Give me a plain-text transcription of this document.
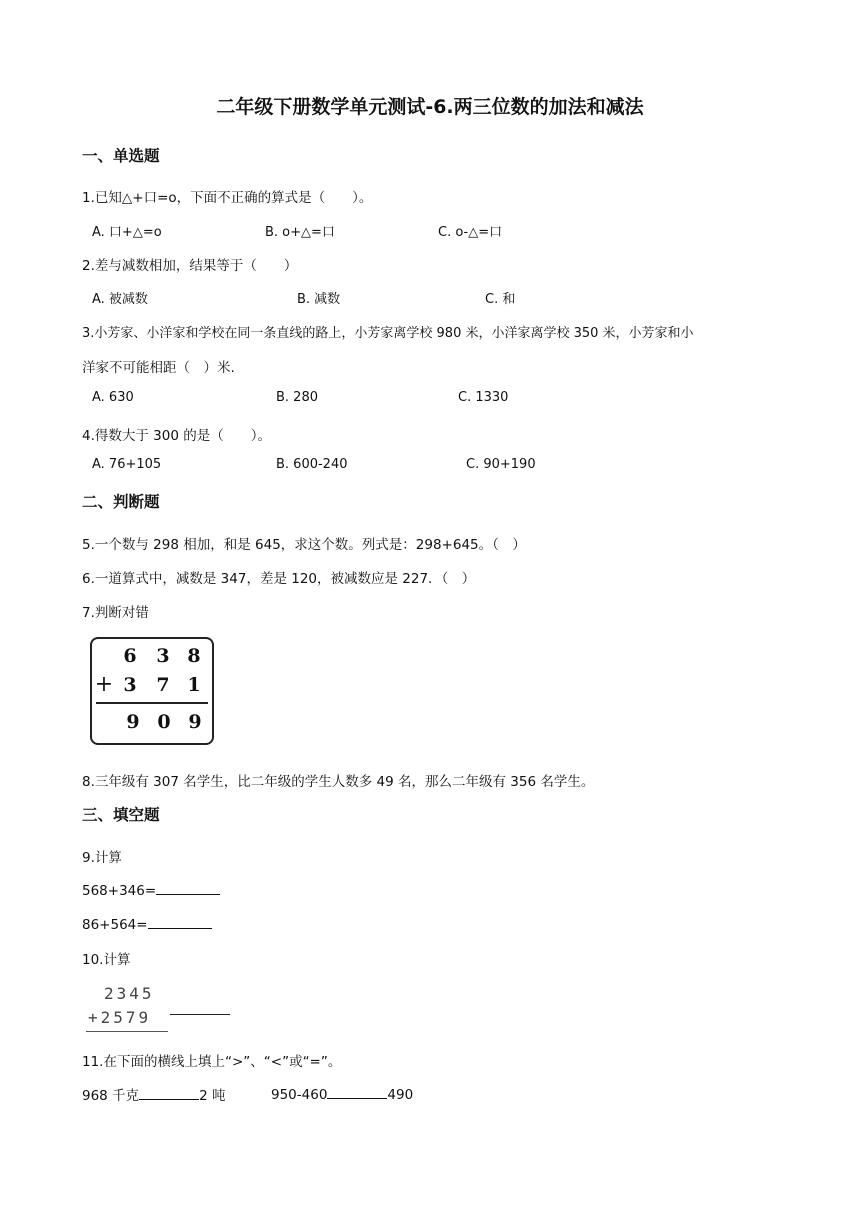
二年级下册数学单元测试-6.两三位数的加法和减法
一、单选题
1.已知△+口=o，下面不正确的算式是（　　）。
A. 口+△=o	B. o+△=口	C. o-△=口
2.差与减数相加，结果等于（　　）
A. 被减数	B. 减数	C. 和
3.小芳家、小洋家和学校在同一条直线的路上，小芳家离学校 980 米，小洋家离学校 350 米，小芳家和小
洋家不可能相距（　）米.
A. 630	B. 280	C. 1330
4.得数大于 300 的是（　　）。
A. 76+105	B. 600-240	C. 90+190
二、判断题
5.一个数与 298 相加，和是 645，求这个数。列式是：298+645。（　）
6.一道算式中，减数是 347，差是 120，被减数应是 227．（　）
7.判断对错
6 3 8
+ 3 7 1
9 0 9
8.三年级有 307 名学生，比二年级的学生人数多 49 名，那么二年级有 356 名学生。
三、填空题
9.计算
568+346=
86+564=
10.计算
2345
+2579
11.在下面的横线上填上“>”、“<”或“=”。
968 千克	2 吨	950-460	490
